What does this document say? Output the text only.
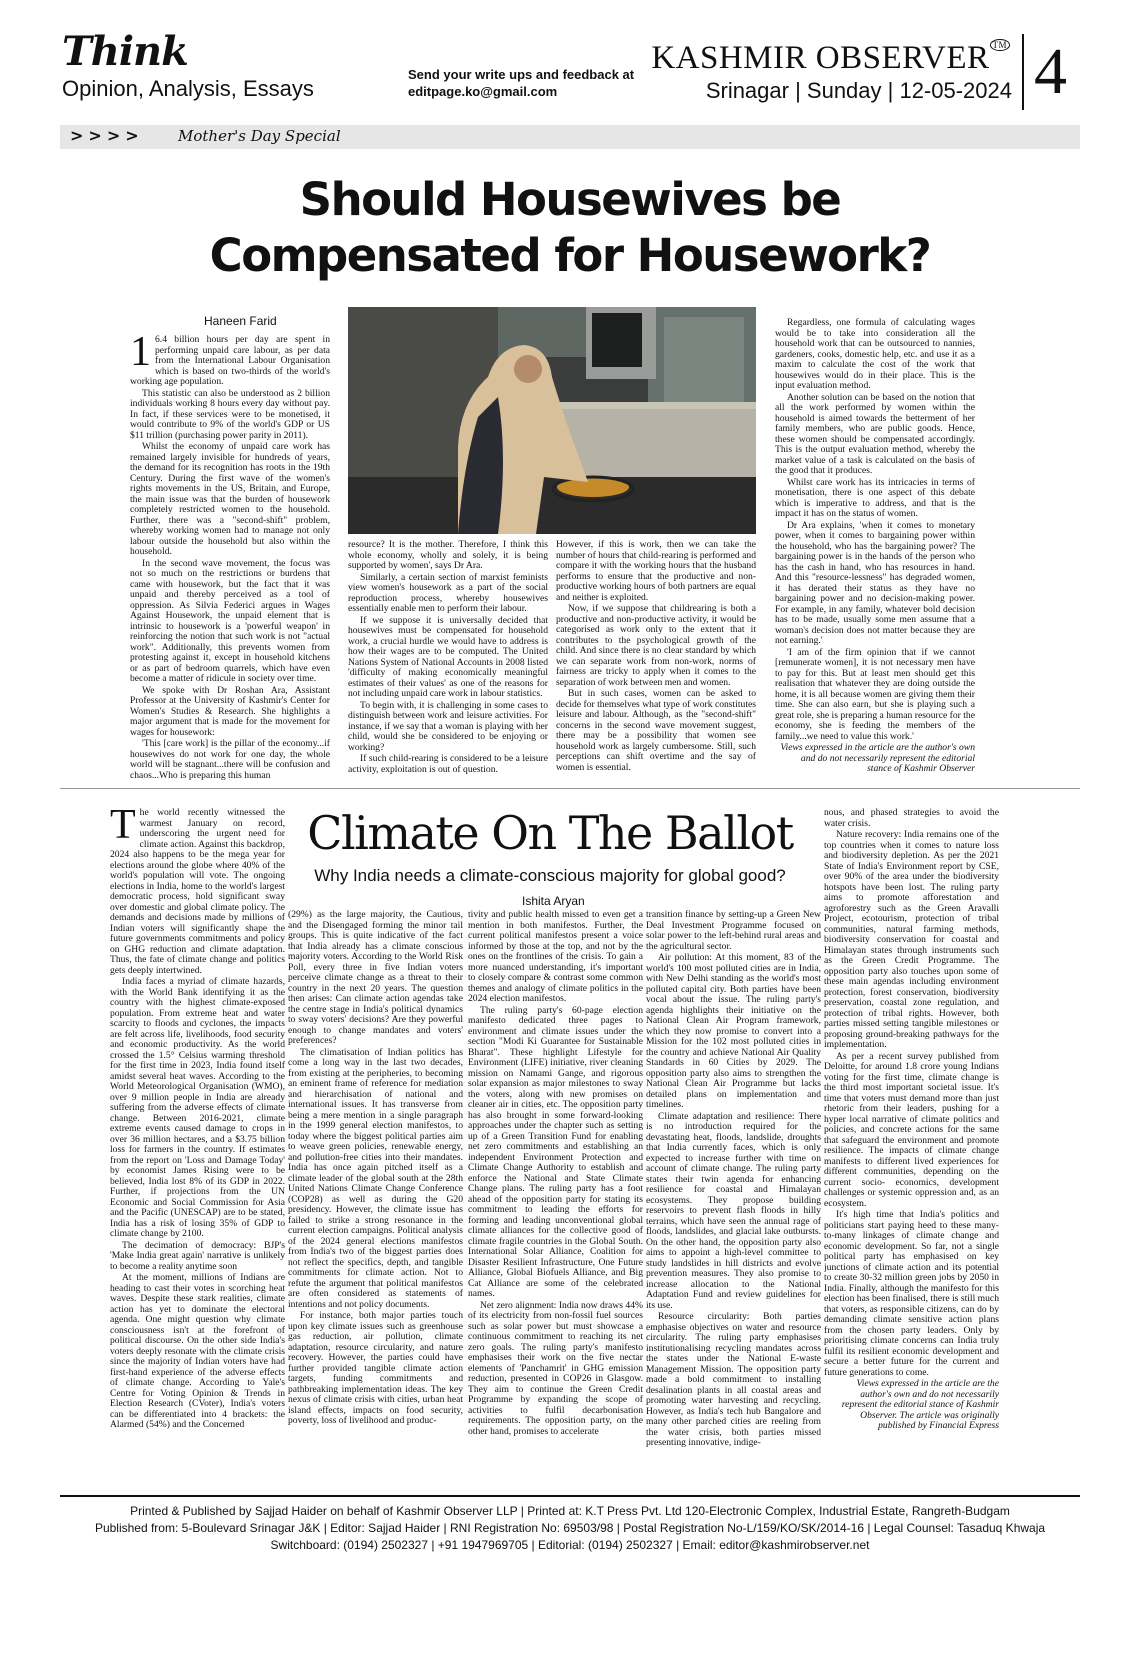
Think
Opinion, Analysis, Essays
Send your write ups and feedback at
editpage.ko@gmail.com
KASHMIR OBSERVER ™
Srinagar | Sunday | 12-05-2024 4
>>>> Mother's Day Special
Should Housewives be
Compensated for Housework?
Haneen Farid

1 6.4 billion hours per day are spent in performing unpaid care labour, as per data from the International Labour Organisation which is based on two-thirds of the world's working age population.

This statistic can also be understood as 2 billion individuals working 8 hours every day without pay. In fact, if these services were to be monetised, it would contribute to 9% of the world's GDP or US $11 trillion (purchasing power parity in 2011).

Whilst the economy of unpaid care work has remained largely invisible for hundreds of years, the demand for its recognition has roots in the 19th Century. During the first wave of the women's rights movements in the US, Britain, and Europe, the main issue was that the burden of housework completely restricted women to the household. Further, there was a "second-shift" problem, whereby working women had to manage not only labour outside the household but also within the household.

In the second wave movement, the focus was not so much on the restrictions or burdens that came with housework, but the fact that it was unpaid and thereby perceived as a tool of oppression. As Silvia Federici argues in Wages Against Housework, the unpaid element that is intrinsic to housework is a 'powerful weapon' in reinforcing the notion that such work is not "actual work". Additionally, this prevents women from protesting against it, except in household kitchens or as part of bedroom quarrels, which have even become a matter of ridicule in society over time.

We spoke with Dr Roshan Ara, Assistant Professor at the University of Kashmir's Center for Women's Studies & Research. She highlights a major argument that is made for the movement for wages for housework:

'This [care work] is the pillar of the economy...if housewives do not work for one day, the whole world will be stagnant...there will be confusion and chaos...Who is preparing this human

resource? It is the mother. Therefore, I think this whole economy, wholly and solely, it is being supported by women', says Dr Ara.

Similarly, a certain section of marxist feminists view women's housework as a part of the social reproduction process, whereby housewives essentially enable men to perform their labour.

If we suppose it is universally decided that housewives must be compensated for household work, a crucial hurdle we would have to address is how their wages are to be computed. The United Nations System of National Accounts in 2008 listed 'difficulty of making economically meaningful estimates of their values' as one of the reasons for not including unpaid care work in labour statistics.

To begin with, it is challenging in some cases to distinguish between work and leisure activities. For instance, if we say that a woman is playing with her child, would she be considered to be enjoying or working?

If such child-rearing is considered to be a leisure activity, exploitation is out of question.

However, if this is work, then we can take the number of hours that child-rearing is performed and compare it with the working hours that the husband performs to ensure that the productive and non-productive working hours of both partners are equal and neither is exploited.

Now, if we suppose that childrearing is both a productive and non-productive activity, it would be categorised as work only to the extent that it contributes to the psychological growth of the child. And since there is no clear standard by which we can separate work from non-work, norms of fairness are tricky to apply when it comes to the separation of work between men and women.

But in such cases, women can be asked to decide for themselves what type of work constitutes leisure and labour. Although, as the "second-shift" concerns in the second wave movement suggest, there may be a possibility that women see household work as largely cumbersome. Still, such perceptions can shift overtime and the say of women is essential.

Regardless, one formula of calculating wages would be to take into consideration all the household work that can be outsourced to nannies, gardeners, cooks, domestic help, etc. and use it as a maxim to calculate the cost of the work that housewives would do in their place. This is the input evaluation method.

Another solution can be based on the notion that all the work performed by women within the household is aimed towards the betterment of her family members, who are public goods. Hence, these women should be compensated accordingly. This is the output evaluation method, whereby the market value of a task is calculated on the basis of the good that it produces.

Whilst care work has its intricacies in terms of monetisation, there is one aspect of this debate which is imperative to address, and that is the impact it has on the status of women.

Dr Ara explains, 'when it comes to monetary power, when it comes to bargaining power within the household, who has the bargaining power? The bargaining power is in the hands of the person who has the cash in hand, who has resources in hand. And this "resource-lessness" has degraded women, it has derated their status as they have no bargaining power and no decision-making power. For example, in any family, whatever bold decision has to be made, usually some men assume that a woman's decision does not matter because they are not earning.'

'I am of the firm opinion that if we cannot [remunerate women], it is not necessary men have to pay for this. But at least men should get this realisation that whatever they are doing outside the home, it is all because women are giving them their time. She can also earn, but she is playing such a great role, she is preparing a human resource for the economy, she is feeding the members of the family...we need to value this work.'

Views expressed in the article are the author's own and do not necessarily represent the editorial stance of Kashmir Observer

Climate On The Ballot
Why India needs a climate-conscious majority for global good?
Ishita Aryan

The world recently witnessed the warmest January on record, underscoring the urgent need for climate action. Against this backdrop, 2024 also happens to be the mega year for elections around the globe where 40% of the world's population will vote. The ongoing elections in India, home to the world's largest democratic process, hold significant sway over domestic and global climate policy. The demands and decisions made by millions of Indian voters will significantly shape the future governments commitments and policy on GHG reduction and climate adaptation. Thus, the fate of climate change and politics gets deeply intertwined.

India faces a myriad of climate hazards, with the World Bank identifying it as the country with the highest climate-exposed population. From extreme heat and water scarcity to floods and cyclones, the impacts are felt across life, livelihoods, food security and economic productivity. As the world crossed the 1.5° Celsius warming threshold for the first time in 2023, India found itself amidst several heat waves. According to the World Meteorological Organisation (WMO), over 9 million people in India are already suffering from the adverse effects of climate change. Between 2016-2021, climate extreme events caused damage to crops in over 36 million hectares, and a $3.75 billion loss for farmers in the country. If estimates from the report on 'Loss and Damage Today' by economist James Rising were to be believed, India lost 8% of its GDP in 2022. Further, if projections from the UN Economic and Social Commission for Asia and the Pacific (UNESCAP) are to be stated, India has a risk of losing 35% of GDP to climate change by 2100.

The decimation of democracy: BJP's 'Make India great again' narrative is unlikely to become a reality anytime soon

At the moment, millions of Indians are heading to cast their votes in scorching heat waves. Despite these stark realities, climate action has yet to dominate the electoral agenda. One might question why climate consciousness isn't at the forefront of political discourse. On the other side India's voters deeply resonate with the climate crisis since the majority of Indian voters have had first-hand experience of the adverse effects of climate change. According to Yale's Centre for Voting Opinion & Trends in Election Research (CVoter), India's voters can be differentiated into 4 brackets: the Alarmed (54%) and the Concerned

(29%) as the large majority, the Cautious, and the Disengaged forming the minor tail groups. This is quite indicative of the fact that India already has a climate conscious majority voters. According to the World Risk Poll, every three in five Indian voters perceive climate change as a threat to their country in the next 20 years. The question then arises: Can climate action agendas take the centre stage in India's political dynamics to sway voters' decisions? Are they powerful enough to change mandates and voters' preferences?

The climatisation of Indian politics has come a long way in the last two decades, from existing at the peripheries, to becoming an eminent frame of reference for mediation and hierarchisation of national and international issues. It has transverse from being a mere mention in a single paragraph in the 1999 general election manifestos, to today where the biggest political parties aim to weave green policies, renewable energy, and pollution-free cities into their mandates. India has once again pitched itself as a climate leader of the global south at the 28th United Nations Climate Change Conference (COP28) as well as during the G20 presidency. However, the climate issue has failed to strike a strong resonance in the current election campaigns. Political analysis of the 2024 general elections manifestos from India's two of the biggest parties does not reflect the specifics, depth, and tangible commitments for climate action. Not to refute the argument that political manifestos are often considered as statements of intentions and not policy documents.

For instance, both major parties touch upon key climate issues such as greenhouse gas reduction, air pollution, climate adaptation, resource circularity, and nature recovery. However, the parties could have further provided tangible climate action targets, funding commitments and pathbreaking implementation ideas. The key nexus of climate crisis with cities, urban heat island effects, impacts on food security, poverty, loss of livelihood and produc-

tivity and public health missed to even get a mention in both manifestos. Further, the current political manifestos present a voice informed by those at the top, and not by the ones on the frontlines of the crisis. To gain a more nuanced understanding, it's important to closely compare & contrast some common themes and analogy of climate politics in the 2024 election manifestos.

The ruling party's 60-page election manifesto dedicated three pages to environment and climate issues under the section "Modi Ki Guarantee for Sustainable Bharat". These highlight Lifestyle for Environment (LIFE) initiative, river cleaning mission on Namami Gange, and rigorous solar expansion as major milestones to sway the voters, along with new promises on cleaner air in cities, etc. The opposition party has also brought in some forward-looking approaches under the chapter such as setting up of a Green Transition Fund for enabling net zero commitments and establishing an independent Environment Protection and Climate Change Authority to establish and enforce the National and State Climate Change plans. The ruling party has a foot ahead of the opposition party for stating its commitment to leading the efforts for forming and leading unconventional global climate alliances for the collective good of climate fragile countries in the Global South. International Solar Alliance, Coalition for Disaster Resilient Infrastructure, One Future Alliance, Global Biofuels Alliance, and Big Cat Alliance are some of the celebrated names.

Net zero alignment: India now draws 44% of its electricity from non-fossil fuel sources such as solar power but must showcase a continuous commitment to reaching its net zero goals. The ruling party's manifesto emphasises their work on the five nectar elements of 'Panchamrit' in GHG emission reduction, presented in COP26 in Glasgow. They aim to continue the Green Credit Programme by expanding the scope of activities to fulfil decarbonisation requirements. The opposition party, on the other hand, promises to accelerate

transition finance by setting-up a Green New Deal Investment Programme focused on solar power to the left-behind rural areas and the agricultural sector.

Air pollution: At this moment, 83 of the world's 100 most polluted cities are in India, with New Delhi standing as the world's most polluted capital city. Both parties have been vocal about the issue. The ruling party's agenda highlights their initiative on the National Clean Air Program framework, which they now promise to convert into a Mission for the 102 most polluted cities in the country and achieve National Air Quality Standards in 60 Cities by 2029. The opposition party also aims to strengthen the National Clean Air Programme but lacks detailed plans on implementation and timelines.

Climate adaptation and resilience: There is no introduction required for the devastating heat, floods, landslide, droughts that India currently faces, which is only expected to increase further with time on account of climate change. The ruling party states their twin agenda for enhancing resilience for coastal and Himalayan ecosystems. They propose building reservoirs to prevent flash floods in hilly terrains, which have seen the annual rage of floods, landslides, and glacial lake outbursts. On the other hand, the opposition party also aims to appoint a high-level committee to study landslides in hill districts and evolve prevention measures. They also promise to increase allocation to the National Adaptation Fund and review guidelines for its use.

Resource circularity: Both parties emphasise objectives on water and resource circularity. The ruling party emphasises institutionalising recycling mandates across the states under the National E-waste Management Mission. The opposition party made a bold commitment to installing desalination plants in all coastal areas and promoting water harvesting and recycling. However, as India's tech hub Bangalore and many other parched cities are reeling from the water crisis, both parties missed presenting innovative, indige-

nous, and phased strategies to avoid the water crisis.

Nature recovery: India remains one of the top countries when it comes to nature loss and biodiversity depletion. As per the 2021 State of India's Environment report by CSE, over 90% of the area under the biodiversity hotspots have been lost. The ruling party aims to promote afforestation and agroforestry such as the Green Aravalli Project, ecotourism, protection of tribal communities, natural farming methods, biodiversity conservation for coastal and Himalayan states through instruments such as the Green Credit Programme. The opposition party also touches upon some of these main agendas including environment protection, forest conservation, biodiversity preservation, coastal zone regulation, and protection of tribal rights. However, both parties missed setting tangible milestones or proposing ground-breaking pathways for the implementation.

As per a recent survey published from Deloitte, for around 1.8 crore young Indians voting for the first time, climate change is the third most important societal issue. It's time that voters must demand more than just rhetoric from their leaders, pushing for a hyper local narrative of climate politics and policies, and concrete actions for the same that safeguard the environment and promote resilience. The impacts of climate change manifests to different lived experiences for different communities, depending on the current socio- economics, development challenges or systemic oppression and, as an ecosystem.

It's high time that India's politics and politicians start paying heed to these many-to-many linkages of climate change and economic development. So far, not a single political party has emphasised on key junctions of climate action and its potential to create 30-32 million green jobs by 2050 in India. Finally, although the manifesto for this election has been finalised, there is still much that voters, as responsible citizens, can do by demanding climate sensitive action plans from the chosen party leaders. Only by prioritising climate concerns can India truly fulfil its resilient economic development and secure a better future for the current and future generations to come.

Views expressed in the article are the author's own and do not necessarily represent the editorial stance of Kashmir Observer. The article was originally published by Financial Express

Printed & Published by Sajjad Haider on behalf of Kashmir Observer LLP | Printed at: K.T Press Pvt. Ltd 120-Electronic Complex, Industrial Estate, Rangreth-Budgam
Published from: 5-Boulevard Srinagar J&K | Editor: Sajjad Haider | RNI Registration No: 69503/98 | Postal Registration No-L/159/KO/SK/2014-16 | Legal Counsel: Tasaduq Khwaja
Switchboard: (0194) 2502327 | +91 1947969705 | Editorial: (0194) 2502327 | Email: editor@kashmirobserver.net
